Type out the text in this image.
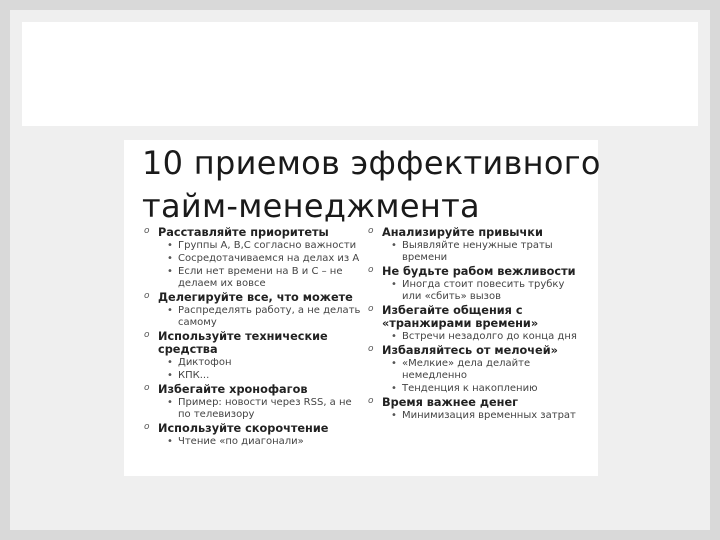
10 приемов эффективного
тайм-менеджмента
o Расставляйте приоритеты
• Группы А, В,С согласно важности
• Сосредотачиваемся на делах из А
• Если нет времени на В и С – не
делаем их вовсе
o Делегируйте все, что можете
• Распределять работу, а не делать
самому
o Используйте технические
средства
• Диктофон
• КПК...
o Избегайте хронофагов
• Пример: новости через RSS, а не
по телевизору
o Используйте скорочтение
• Чтение «по диагонали»
o Анализируйте привычки
• Выявляйте ненужные траты
времени
o Не будьте рабом вежливости
• Иногда стоит повесить трубку
или «сбить» вызов
o Избегайте общения с
«транжирами времени»
• Встречи незадолго до конца дня
o Избавляйтесь от мелочей»
• «Мелкие» дела делайте
немедленно
• Тенденция к накоплению
o Время важнее денег
• Минимизация временных затрат
